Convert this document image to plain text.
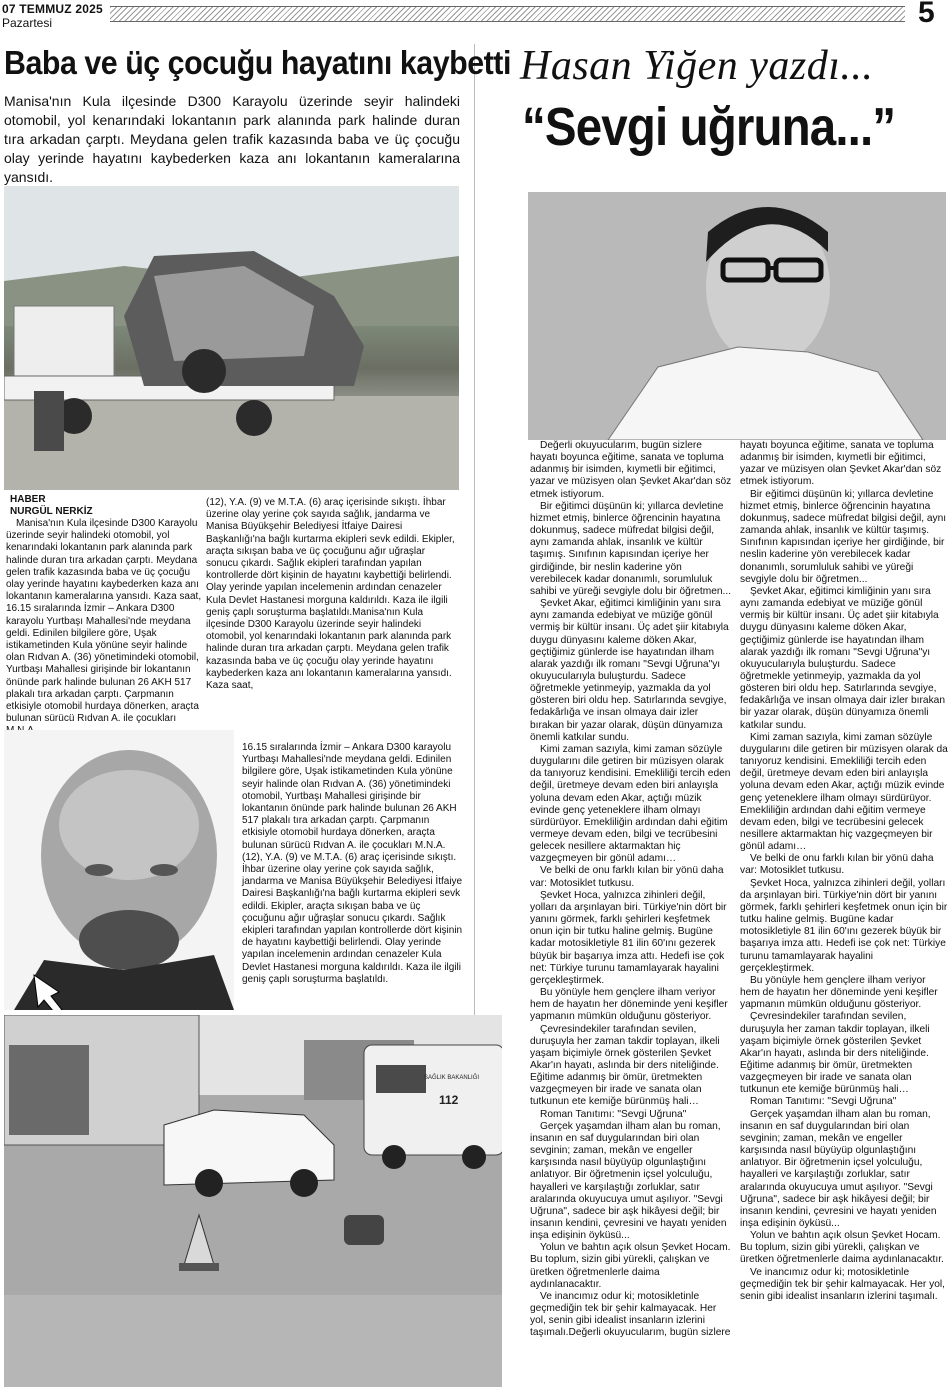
07 TEMMUZ 2025
Pazartesi	5
Baba ve üç çocuğu hayatını kaybetti
Manisa'nın Kula ilçesinde D300 Karayolu üzerinde seyir halindeki otomobil, yol kenarındaki lokantanın park alanında park halinde duran tıra arkadan çarptı. Meydana gelen trafik kazasında baba ve üç çocuğu olay yerinde hayatını kaybederken kaza anı lokantanın kameralarına yansıdı.
HABER
NURGÜL NERKİZ

Manisa'nın Kula ilçesinde D300 Karayolu üzerinde seyir halindeki otomobil, yol kenarındaki lokantanın park alanında park halinde duran tıra arkadan çarptı. Meydana gelen trafik kazasında baba ve üç çocuğu olay yerinde hayatını kaybederken kaza anı lokantanın kameralarına yansıdı. Kaza saat, 16.15 sıralarında İzmir – Ankara D300 karayolu Yurtbaşı Mahallesi'nde meydana geldi. Edinilen bilgilere göre, Uşak istikametinden Kula yönüne seyir halinde olan Rıdvan A. (36) yönetimindeki otomobil, Yurtbaşı Mahallesi girişinde bir lokantanın önünde park halinde bulunan 26 AKH 517 plakalı tıra arkadan çarptı. Çarpmanın etkisiyle otomobil hurdaya dönerken, araçta bulunan sürücü Rıdvan A. ile çocukları

(12), Y.A. (9) ve M.T.A. (6) araç içerisinde sıkıştı. İhbar üzerine olay yerine çok sayıda sağlık, jandarma ve Manisa Büyükşehir Belediyesi İtfaiye Dairesi Başkanlığı'na bağlı kurtarma ekipleri sevk edildi. Ekipler, araçta sıkışan baba ve üç çocuğunu ağır uğraşlar sonucu çıkardı. Sağlık ekipleri tarafından yapılan kontrollerde dört kişinin de hayatını kaybettiği belirlendi. Olay yerinde yapılan incelemenin ardından cenazeler Kula Devlet Hastanesi morguna kaldırıldı. Kaza ile ilgili geniş çaplı soruşturma başlatıldı.Manisa'nın Kula ilçesinde D300 Karayolu üzerinde seyir halindeki otomobil, yol kenarındaki lokantanın park alanında park halinde duran tıra arkadan çarptı. Meydana gelen trafik kazasında baba ve üç çocuğu olay yerinde hayatını kaybederken kaza anı lokantanın kameralarına yansıdı. Kaza saat,

16.15 sıralarında İzmir – Ankara D300 karayolu Yurtbaşı Mahallesi'nde meydana geldi. Edinilen bilgilere göre, Uşak istikametinden Kula yönüne seyir halinde olan Rıdvan A. (36) yönetimindeki otomobil, Yurtbaşı Mahallesi girişinde bir lokantanın önünde park halinde bulunan 26 AKH 517 plakalı tıra arkadan çarptı. Çarpmanın etkisiyle otomobil hurdaya dönerken, araçta bulunan sürücü Rıdvan A. ile çocukları M.N.A. (12), Y.A. (9) ve M.T.A. (6) araç içerisinde sıkıştı. İhbar üzerine olay yerine çok sayıda sağlık, jandarma ve Manisa Büyükşehir Belediyesi İtfaiye Dairesi Başkanlığı'na bağlı kurtarma ekipleri sevk edildi. Ekipler, araçta sıkışan baba ve üç çocuğunu ağır uğraşlar sonucu çıkardı. Sağlık ekipleri tarafından yapılan kontrollerde dört kişinin de hayatını kaybettiği belirlendi. Olay yerinde yapılan incelemenin ardından cenazeler Kula Devlet Hastanesi morguna kaldırıldı. Kaza ile ilgili geniş çaplı soruşturma başlatıldı.

112
SAĞLIK BAKANLIĞI
Hasan Yiğen yazdı...
“Sevgi uğruna...”

Değerli okuyucularım, bugün sizlere hayatı boyunca eğitime, sanata ve topluma adanmış bir isimden, kıymetli bir eğitimci, yazar ve müzisyen olan Şevket Akar'dan söz etmek istiyorum.

Bir eğitimci düşünün ki; yıllarca devletine hizmet etmiş, binlerce öğrencinin hayatına dokunmuş, sadece müfredat bilgisi değil, aynı zamanda ahlak, insanlık ve kültür taşımış. Sınıfının kapısından içeriye her girdiğinde, bir neslin kaderine yön verebilecek kadar donanımlı, sorumluluk sahibi ve yüreği sevgiyle dolu bir öğretmen...

Şevket Akar, eğitimci kimliğinin yanı sıra aynı zamanda edebiyat ve müziğe gönül vermiş bir kültür insanı. Üç adet şiir kitabıyla duygu dünyasını kaleme döken Akar, geçtiğimiz günlerde ise hayatından ilham alarak yazdığı ilk romanı "Sevgi Uğruna"yı okuyucularıyla buluşturdu. Sadece öğretmekle yetinmeyip, yazmakla da yol gösteren biri oldu hep. Satırlarında sevgiye, fedakârlığa ve insan olmaya dair izler bırakan bir yazar olarak, düşün dünyamıza önemli katkılar sundu.

Kimi zaman sazıyla, kimi zaman sözüyle duygularını dile getiren bir müzisyen olarak da tanıyoruz kendisini. Emekliliği tercih eden değil, üretmeye devam eden biri anlayışla yoluna devam eden Akar, açtığı müzik evinde genç yeteneklere ilham olmayı sürdürüyor. Emekliliğin ardından dahi eğitim vermeye devam eden, bilgi ve tecrübesini gelecek nesillere aktarmaktan hiç vazgeçmeyen bir gönül adamı…

Ve belki de onu farklı kılan bir yönü daha var: Motosiklet tutkusu.

Şevket Hoca, yalnızca zihinleri değil, yolları da arşınlayan biri. Türkiye'nin dört bir yanını görmek, farklı şehirleri keşfetmek onun için bir tutku haline gelmiş. Bugüne kadar motosikletiyle 81 ilin 60'ını gezerek büyük bir başarıya imza attı. Hedefi ise çok net: Türkiye turunu tamamlayarak hayalini gerçekleştirmek.

Bu yönüyle hem gençlere ilham veriyor hem de hayatın her döneminde yeni keşifler yapmanın mümkün olduğunu gösteriyor.

Çevresindekiler tarafından sevilen, duruşuyla her zaman takdir toplayan, ilkeli yaşam biçimiyle örnek gösterilen Şevket Akar'ın hayatı, aslında bir ders niteliğinde. Eğitime adanmış bir ömür, üretmekten vazgeçmeyen bir irade ve sanata olan tutkunun ete kemiğe bürünmüş hali…

Roman Tanıtımı: "Sevgi Uğruna"

Gerçek yaşamdan ilham alan bu roman, insanın en saf duygularından biri olan sevginin; zaman, mekân ve engeller karşısında nasıl büyüyüp olgunlaştığını anlatıyor. Bir öğretmenin içsel yolculuğu, hayalleri ve karşılaştığı zorluklar, satır aralarında okuyucuya umut aşılıyor. "Sevgi Uğruna", sadece bir aşk hikâyesi değil; bir insanın kendini, çevresini ve hayatı yeniden inşa edişinin öyküsü...

Yolun ve bahtın açık olsun Şevket Hocam. Bu toplum, sizin gibi yürekli, çalışkan ve üretken öğretmenlerle daima aydınlanacaktır.

Ve inancımız odur ki; motosikletinle geçmediğin tek bir şehir kalmayacak. Her yol, senin gibi idealist insanların izlerini taşımalı.Değerli okuyucularım, bugün sizlere

hayatı boyunca eğitime, sanata ve topluma adanmış bir isimden, kıymetli bir eğitimci, yazar ve müzisyen olan Şevket Akar'dan söz etmek istiyorum.

Bir eğitimci düşünün ki; yıllarca devletine hizmet etmiş, binlerce öğrencinin hayatına dokunmuş, sadece müfredat bilgisi değil, aynı zamanda ahlak, insanlık ve kültür taşımış. Sınıfının kapısından içeriye her girdiğinde, bir neslin kaderine yön verebilecek kadar donanımlı, sorumluluk sahibi ve yüreği sevgiyle dolu bir öğretmen...

Şevket Akar, eğitimci kimliğinin yanı sıra aynı zamanda edebiyat ve müziğe gönül vermiş bir kültür insanı. Üç adet şiir kitabıyla duygu dünyasını kaleme döken Akar, geçtiğimiz günlerde ise hayatından ilham alarak yazdığı ilk romanı "Sevgi Uğruna"yı okuyucularıyla buluşturdu. Sadece öğretmekle yetinmeyip, yazmakla da yol gösteren biri oldu hep. Satırlarında sevgiye, fedakârlığa ve insan olmaya dair izler bırakan bir yazar olarak, düşün dünyamıza önemli katkılar sundu.

Kimi zaman sazıyla, kimi zaman sözüyle duygularını dile getiren bir müzisyen olarak da tanıyoruz kendisini. Emekliliği tercih eden değil, üretmeye devam eden biri anlayışla yoluna devam eden Akar, açtığı müzik evinde genç yeteneklere ilham olmayı sürdürüyor. Emekliliğin ardından dahi eğitim vermeye devam eden, bilgi ve tecrübesini gelecek nesillere aktarmaktan hiç vazgeçmeyen bir gönül adamı…

Ve belki de onu farklı kılan bir yönü daha var: Motosiklet tutkusu.

Şevket Hoca, yalnızca zihinleri değil, yolları da arşınlayan biri. Türkiye'nin dört bir yanını görmek, farklı şehirleri keşfetmek onun için bir tutku haline gelmiş. Bugüne kadar motosikletiyle 81 ilin 60'ını gezerek büyük bir başarıya imza attı. Hedefi ise çok net: Türkiye turunu tamamlayarak hayalini gerçekleştirmek.

Bu yönüyle hem gençlere ilham veriyor hem de hayatın her döneminde yeni keşifler yapmanın mümkün olduğunu gösteriyor.

Çevresindekiler tarafından sevilen, duruşuyla her zaman takdir toplayan, ilkeli yaşam biçimiyle örnek gösterilen Şevket Akar'ın hayatı, aslında bir ders niteliğinde. Eğitime adanmış bir ömür, üretmekten vazgeçmeyen bir irade ve sanata olan tutkunun ete kemiğe bürünmüş hali…

Roman Tanıtımı: "Sevgi Uğruna"

Gerçek yaşamdan ilham alan bu roman, insanın en saf duygularından biri olan sevginin; zaman, mekân ve engeller karşısında nasıl büyüyüp olgunlaştığını anlatıyor. Bir öğretmenin içsel yolculuğu, hayalleri ve karşılaştığı zorluklar, satır aralarında okuyucuya umut aşılıyor. "Sevgi Uğruna", sadece bir aşk hikâyesi değil; bir insanın kendini, çevresini ve hayatı yeniden inşa edişinin öyküsü...

Yolun ve bahtın açık olsun Şevket Hocam. Bu toplum, sizin gibi yürekli, çalışkan ve üretken öğretmenlerle daima aydınlanacaktır.

Ve inancımız odur ki; motosikletinle geçmediğin tek bir şehir kalmayacak. Her yol, senin gibi idealist insanların izlerini taşımalı.
